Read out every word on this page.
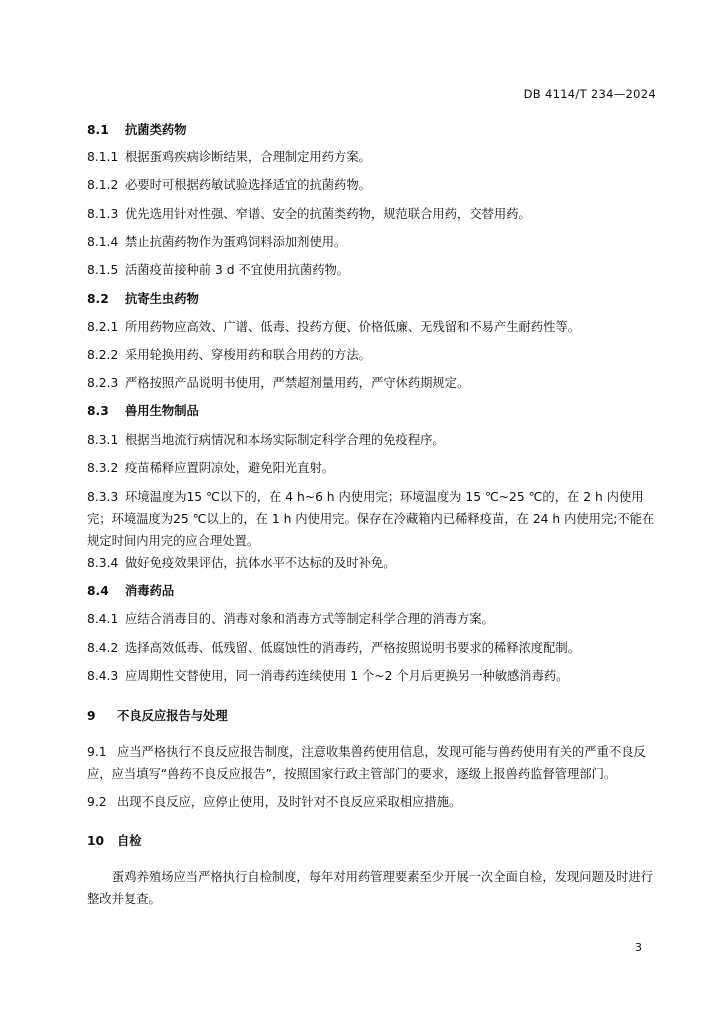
DB 4114/T 234—2024
8.1 抗菌类药物
8.1.1 根据蛋鸡疾病诊断结果，合理制定用药方案。
8.1.2 必要时可根据药敏试验选择适宜的抗菌药物。
8.1.3 优先选用针对性强、窄谱、安全的抗菌类药物，规范联合用药，交替用药。
8.1.4 禁止抗菌药物作为蛋鸡饲料添加剂使用。
8.1.5 活菌疫苗接种前 3 d 不宜使用抗菌药物。
8.2 抗寄生虫药物
8.2.1 所用药物应高效、广谱、低毒、投药方便、价格低廉、无残留和不易产生耐药性等。
8.2.2 采用轮换用药、穿梭用药和联合用药的方法。
8.2.3 严格按照产品说明书使用，严禁超剂量用药，严守休药期规定。
8.3 兽用生物制品
8.3.1 根据当地流行病情况和本场实际制定科学合理的免疫程序。
8.3.2 疫苗稀释应置阴凉处，避免阳光直射。
8.3.3 环境温度为15 ℃以下的，在 4 h~6 h 内使用完；环境温度为 15 ℃~25 ℃的，在 2 h 内使用完；环境温度为25 ℃以上的，在 1 h 内使用完。保存在冷藏箱内已稀释疫苗，在 24 h 内使用完;不能在规定时间内用完的应合理处置。
8.3.4 做好免疫效果评估，抗体水平不达标的及时补免。
8.4 消毒药品
8.4.1 应结合消毒目的、消毒对象和消毒方式等制定科学合理的消毒方案。
8.4.2 选择高效低毒、低残留、低腐蚀性的消毒药，严格按照说明书要求的稀释浓度配制。
8.4.3 应周期性交替使用，同一消毒药连续使用 1 个~2 个月后更换另一种敏感消毒药。
9 不良反应报告与处理
9.1 应当严格执行不良反应报告制度，注意收集兽药使用信息，发现可能与兽药使用有关的严重不良反应，应当填写“兽药不良反应报告”，按照国家行政主管部门的要求，逐级上报兽药监督管理部门。
9.2 出现不良反应，应停止使用，及时针对不良反应采取相应措施。
10 自检
蛋鸡养殖场应当严格执行自检制度，每年对用药管理要素至少开展一次全面自检，发现问题及时进行整改并复查。
3
